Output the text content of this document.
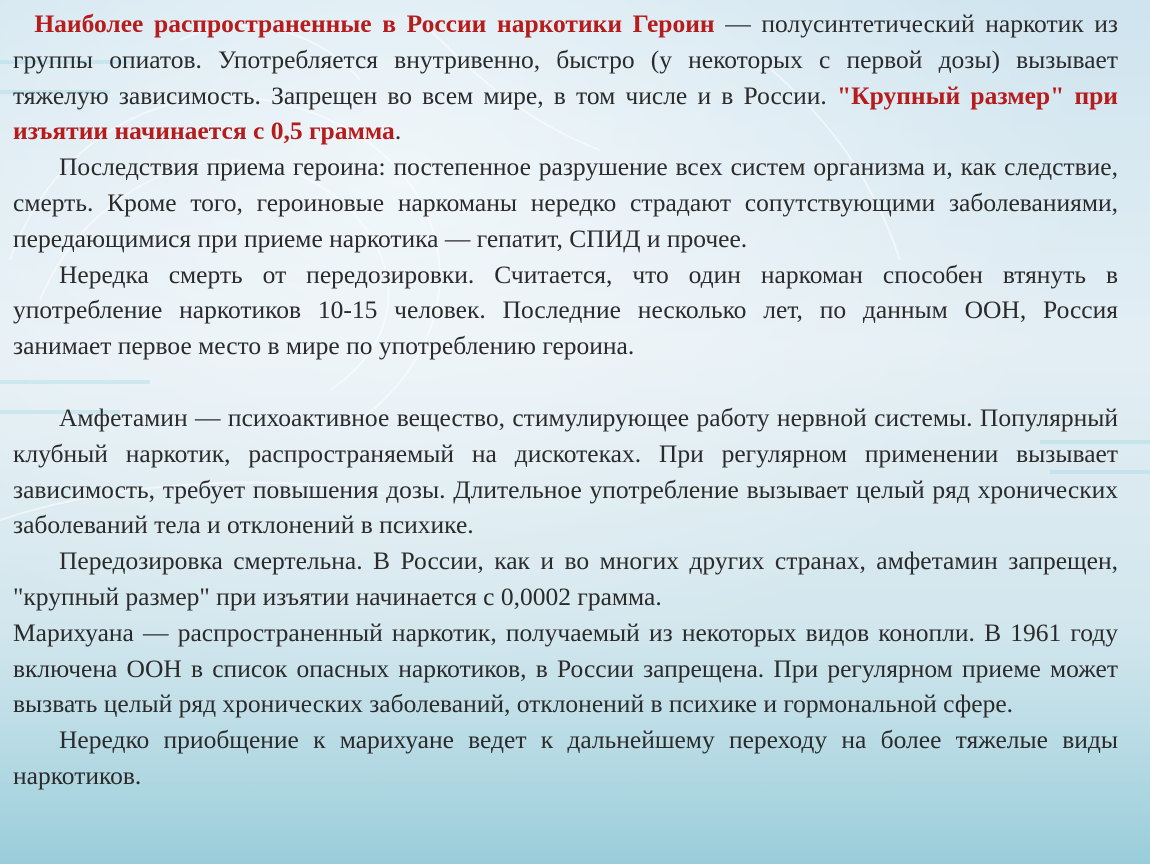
Наиболее распространенные в России наркотики Героин — полусинтетический наркотик из группы опиатов. Употребляется внутривенно, быстро (у некоторых с первой дозы) вызывает тяжелую зависимость. Запрещен во всем мире, в том числе и в России. "Крупный размер" при изъятии начинается с 0,5 грамма.

Последствия приема героина: постепенное разрушение всех систем организма и, как следствие, смерть. Кроме того, героиновые наркоманы нередко страдают сопутствующими заболеваниями, передающимися при приеме наркотика — гепатит, СПИД и прочее.

Нередка смерть от передозировки. Считается, что один наркоман способен втянуть в употребление наркотиков 10-15 человек. Последние несколько лет, по данным ООН, Россия занимает первое место в мире по употреблению героина.

Амфетамин — психоактивное вещество, стимулирующее работу нервной системы. Популярный клубный наркотик, распространяемый на дискотеках. При регулярном применении вызывает зависимость, требует повышения дозы. Длительное употребление вызывает целый ряд хронических заболеваний тела и отклонений в психике.

Передозировка смертельна. В России, как и во многих других странах, амфетамин запрещен, "крупный размер" при изъятии начинается с 0,0002 грамма.

Марихуана — распространенный наркотик, получаемый из некоторых видов конопли. В 1961 году включена ООН в список опасных наркотиков, в России запрещена. При регулярном приеме может вызвать целый ряд хронических заболеваний, отклонений в психике и гормональной сфере.

Нередко приобщение к марихуане ведет к дальнейшему переходу на более тяжелые виды наркотиков.
